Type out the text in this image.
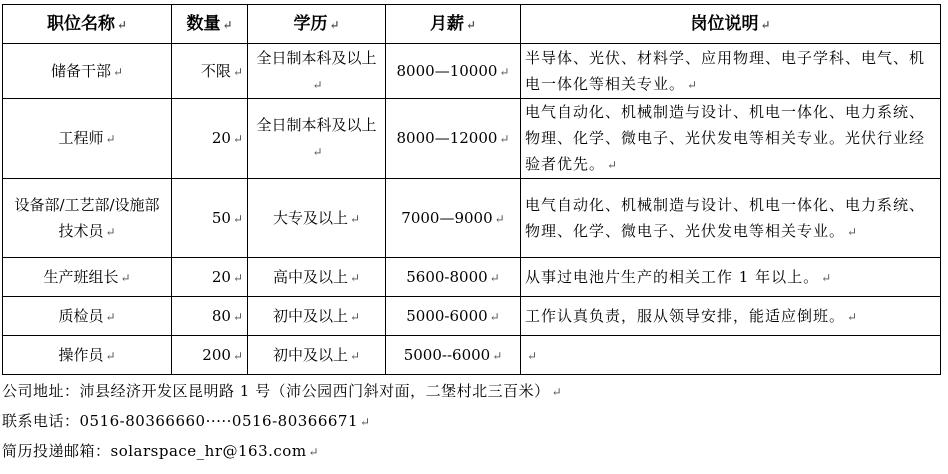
职位名称 ↵	数量 ↵	学历 ↵	月薪 ↵	岗位说明 ↵
储备干部 ↵	不限 ↵	全日制本科及以上↵	8000—10000 ↵	半导体、光伏、材料学、应用物理、电子学科、电气、机电一体化等相关专业。 ↵
工程师 ↵	20 ↵	全日制本科及以上↵	8000—12000 ↵	电气自动化、机械制造与设计、机电一体化、电力系统、物理、化学、微电子、光伏发电等相关专业。光伏行业经验者优先。 ↵
设备部/工艺部/设施部技术员 ↵	50 ↵	大专及以上 ↵	7000—9000 ↵	电气自动化、机械制造与设计、机电一体化、电力系统、物理、化学、微电子、光伏发电等相关专业。 ↵
生产班组长 ↵	20 ↵	高中及以上 ↵	5600-8000 ↵	从事过电池片生产的相关工作 1 年以上。 ↵
质检员 ↵	80 ↵	初中及以上 ↵	5000-6000 ↵	工作认真负责，服从领导安排，能适应倒班。 ↵
操作员 ↵	200 ↵	初中及以上 ↵	5000--6000 ↵	↵
公司地址：沛县经济开发区昆明路 1 号（沛公园西门斜对面，二堡村北三百米） ↵
联系电话：0516-80366660·····0516-80366671 ↵
简历投递邮箱：solarspace_hr@163.com ↵
